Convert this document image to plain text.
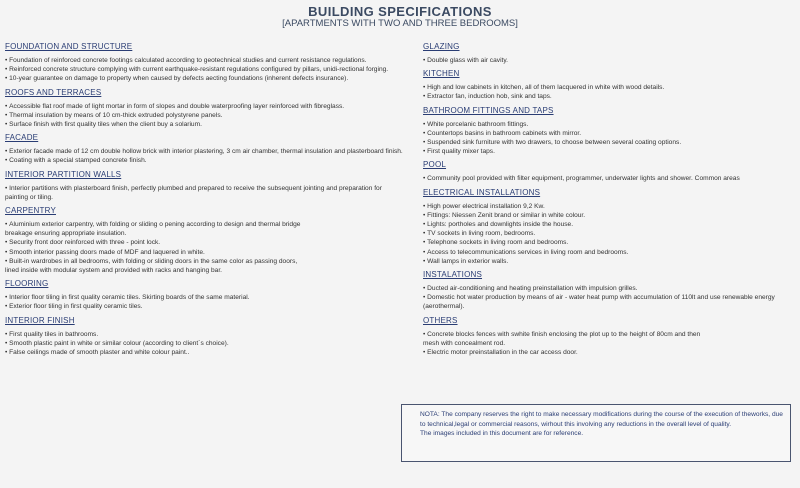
BUILDING SPECIFICATIONS
[APARTMENTS WITH TWO AND THREE BEDROOMS]
FOUNDATION AND STRUCTURE
• Foundation of reinforced concrete footings calculated according to geotechnical studies and current resistance regulations.
• Reinforced concrete structure complying with current earthquake-resistant regulations configured by pillars, unidi-rectional forging.
• 10-year guarantee on damage to property when caused by defects aecting foundations (inherent defects insurance).
ROOFS AND TERRACES
• Accessible flat roof made of light mortar in form of slopes and double waterproofing layer reinforced with fibreglass.
• Thermal insulation by means of 10 cm-thick extruded polystyrene panels.
• Surface finish with first quality tiles when the client buy a solarium.
FACADE
• Exterior facade made of 12 cm double hollow brick with interior plastering, 3 cm air chamber, thermal insulation and plasterboard finish.
• Coating with a special stamped concrete finish.
INTERIOR PARTITION WALLS
• Interior partitions with plasterboard finish, perfectly plumbed and prepared to receive the subsequent jointing and preparation for painting or tiling.
CARPENTRY
• Aluminium exterior carpentry, with folding or sliding o pening according to design and thermal bridge
breakage ensuring appropriate insulation.
• Security front door reinforced with three - point lock.
• Smooth interior passing doors made of MDF and laquered in white.
• Built-in wardrobes in all bedrooms, with folding or sliding doors in the same color as passing doors,
lined inside with modular system and provided with racks and hanging bar.
FLOORING
• Interior floor tiling in first quality ceramic tiles. Skirting boards of the same material.
• Exterior floor tiling in first quality ceramic tiles.
INTERIOR FINISH
• First quality tiles in bathrooms.
• Smooth plastic paint in white or similar colour (according to client´s choice).
• False ceilings made of smooth plaster and white colour paint..
GLAZING
• Double glass with air cavity.
KITCHEN
• High and low cabinets in kitchen, all of them lacquered in white with wood details.
• Extractor fan, induction hob, sink and taps.
BATHROOM FITTINGS AND TAPS
• White porcelanic bathroom fittings.
• Countertops basins in bathroom cabinets with mirror.
• Suspended sink furniture with two drawers, to choose between several coating options.
• First quality mixer taps.
POOL
• Community pool provided with filter equipment, programmer, underwater lights and shower. Common areas
ELECTRICAL INSTALLATIONS
• High power electrical installation 9,2 Kw.
• Fittings: Niessen Zenit brand or similar in white colour.
• Lights: portholes and downlights inside the house.
• TV sockets in living room, bedrooms.
• Telephone sockets in living room and bedrooms.
• Access to telecommunications services in living room and bedrooms.
• Wall lamps in exterior walls.
INSTALATIONS
• Ducted air-conditioning and heating preinstallation with impulsion grilles.
• Domestic hot water production by means of air - water heat pump with accumulation of 110lt and use renewable energy (aerothermal).
OTHERS
• Concrete blocks fences with swhite finish enclosing the plot up to the height of 80cm and then
mesh with concealment rod.
• Electric motor preinstallation in the car access door.

NOTA: The company reserves the right to make necessary modifications during the course of the execution of theworks, due to technical,legal or commercial reasons, wirhout this involving any reductions in the overall level of quality.

The images included in this document are for reference.
